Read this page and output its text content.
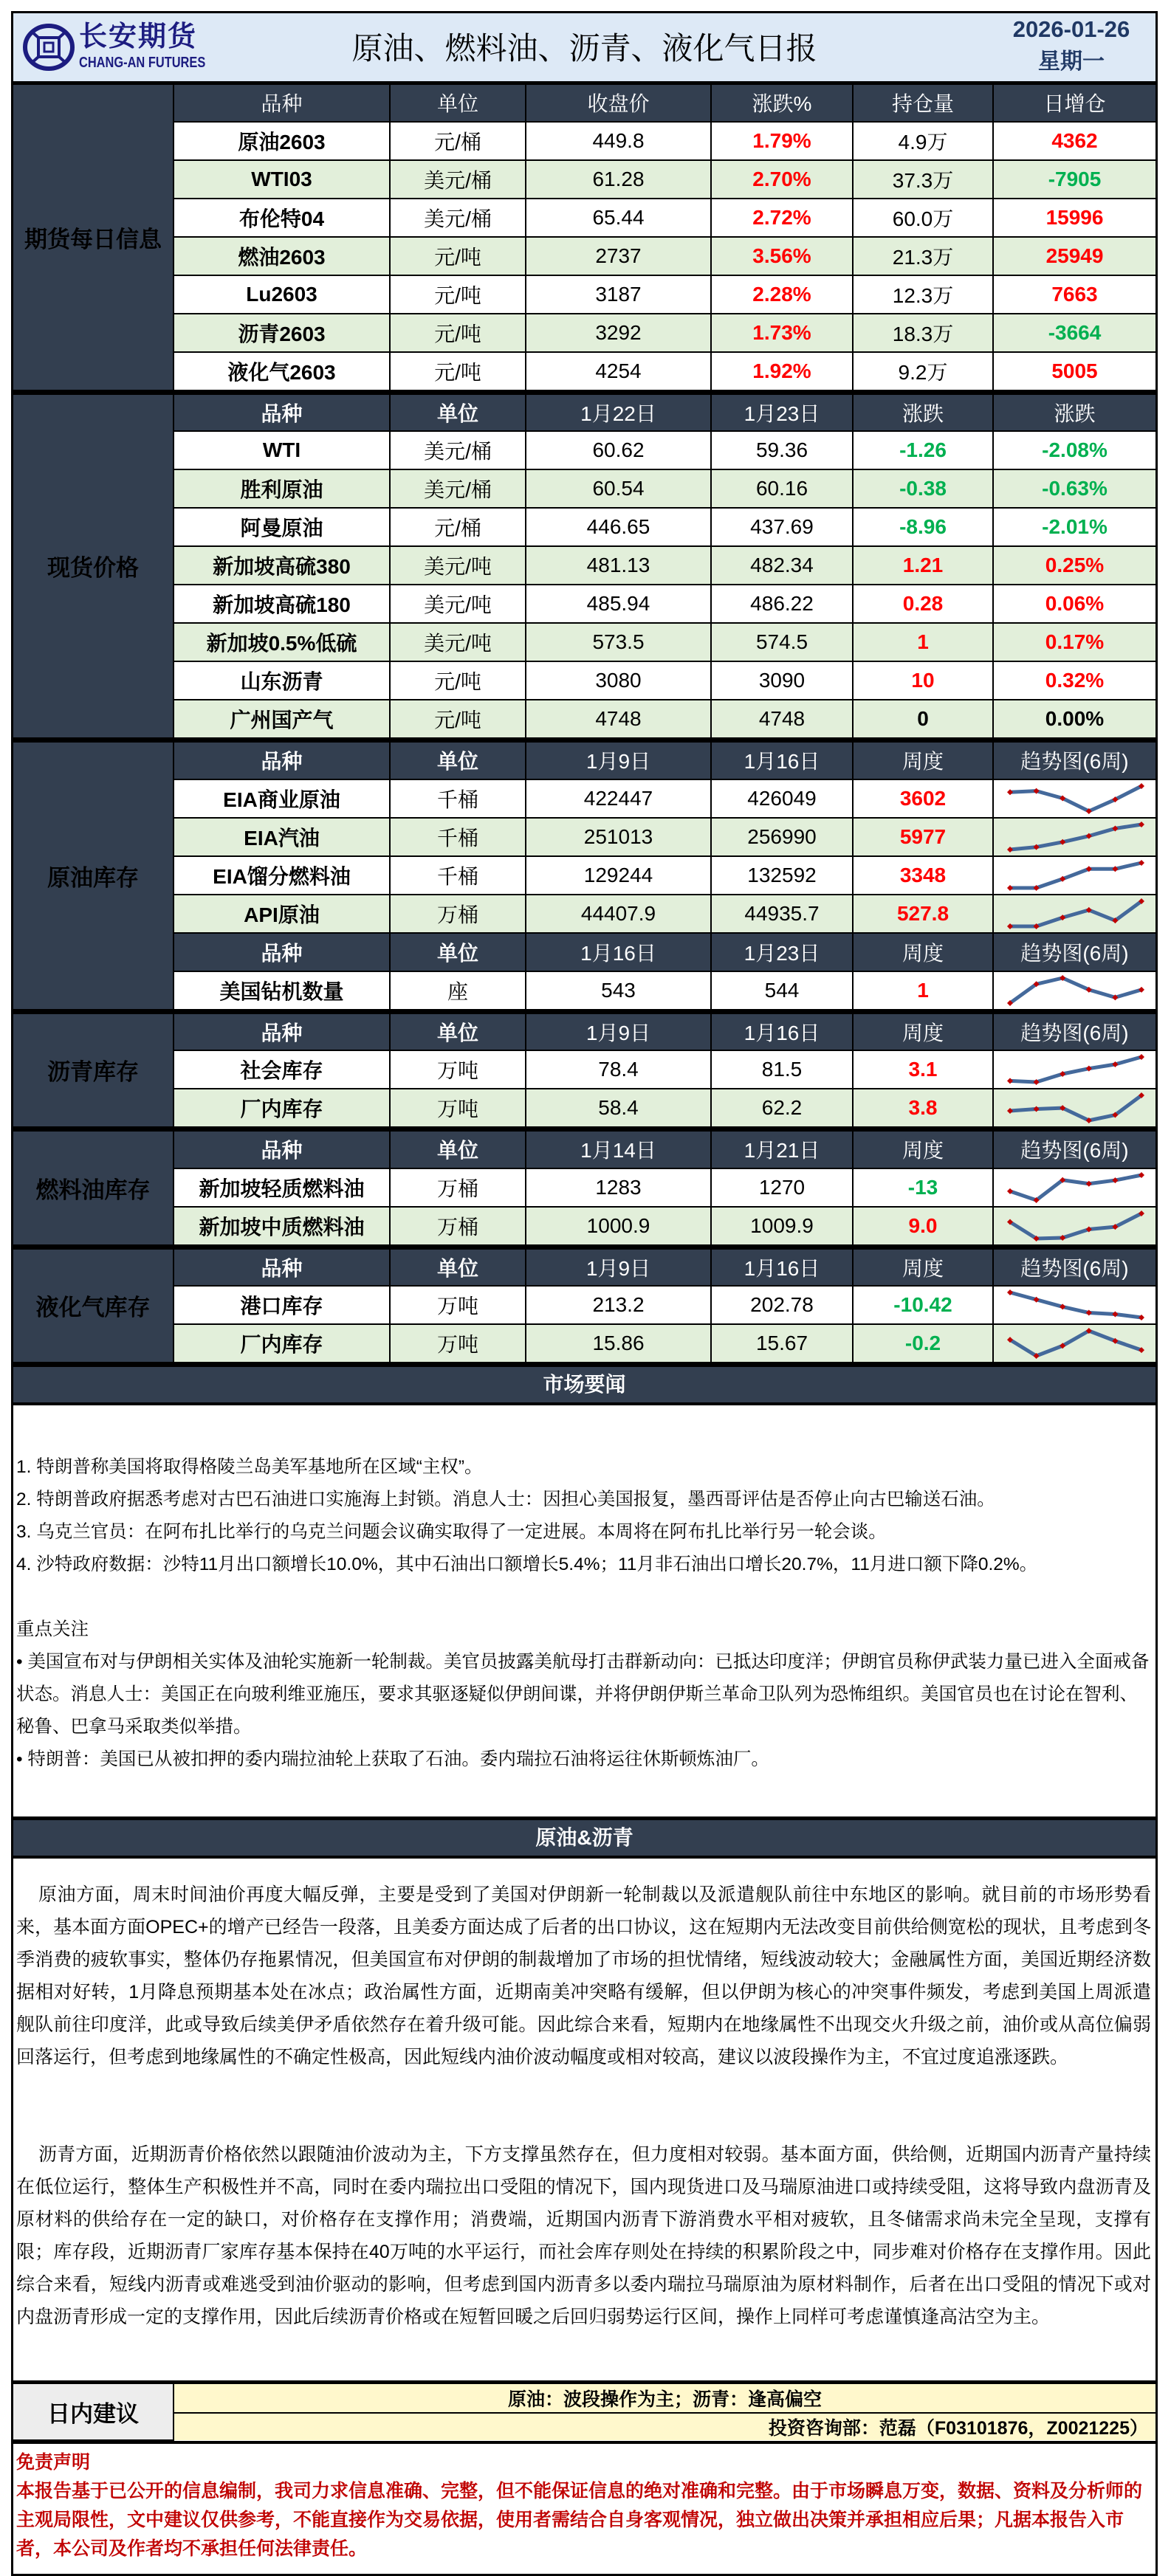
长安期货
CHANG-AN FUTURES	原油、燃料油、沥青、液化气日报
2026-01-26
星期一
期货每日信息	品种	单位	收盘价	涨跌%	持仓量	日增仓
	原油2603	元/桶	449.8	1.79%	4.9万	4362
	WTI03	美元/桶	61.28	2.70%	37.3万	-7905
	布伦特04	美元/桶	65.44	2.72%	60.0万	15996
	燃油2603	元/吨	2737	3.56%	21.3万	25949
	Lu2603	元/吨	3187	2.28%	12.3万	7663
	沥青2603	元/吨	3292	1.73%	18.3万	-3664
	液化气2603	元/吨	4254	1.92%	9.2万	5005
现货价格	品种	单位	1月22日	1月23日	涨跌	涨跌
	WTI	美元/桶	60.62	59.36	-1.26	-2.08%
	胜利原油	美元/桶	60.54	60.16	-0.38	-0.63%
	阿曼原油	元/桶	446.65	437.69	-8.96	-2.01%
	新加坡高硫380	美元/吨	481.13	482.34	1.21	0.25%
	新加坡高硫180	美元/吨	485.94	486.22	0.28	0.06%
	新加坡0.5%低硫	美元/吨	573.5	574.5	1	0.17%
	山东沥青	元/吨	3080	3090	10	0.32%
	广州国产气	元/吨	4748	4748	0	0.00%
原油库存	品种	单位	1月9日	1月16日	周度	趋势图(6周)
	EIA商业原油	千桶	422447	426049	3602	

	EIA汽油	千桶	251013	256990	5977	

	EIA馏分燃料油	千桶	129244	132592	3348	

	API原油	万桶	44407.9	44935.7	527.8	

	品种	单位	1月16日	1月23日	周度	趋势图(6周)
	美国钻机数量	座	543	544	1	
沥青库存	品种	单位	1月9日	1月16日	周度	趋势图(6周)
	社会库存	万吨	78.4	81.5	3.1	

	厂内库存	万吨	58.4	62.2	3.8	
燃料油库存	品种	单位	1月14日	1月21日	周度	趋势图(6周)
	新加坡轻质燃料油	万桶	1283	1270	-13	

	新加坡中质燃料油	万桶	1000.9	1009.9	9.0	
液化气库存	品种	单位	1月9日	1月16日	周度	趋势图(6周)
	港口库存	万吨	213.2	202.78	-10.42	

	厂内库存	万吨	15.86	15.67	-0.2	
市场要闻

1. 特朗普称美国将取得格陵兰岛美军基地所在区域“主权”。

2. 特朗普政府据悉考虑对古巴石油进口实施海上封锁。消息人士：因担心美国报复，墨西哥评估是否停止向古巴输送石油。

3. 乌克兰官员：在阿布扎比举行的乌克兰问题会议确实取得了一定进展。本周将在阿布扎比举行另一轮会谈。

4. 沙特政府数据：沙特11月出口额增长10.0%，其中石油出口额增长5.4%；11月非石油出口增长20.7%，11月进口额下降0.2%。

重点关注

• 美国宣布对与伊朗相关实体及油轮实施新一轮制裁。美官员披露美航母打击群新动向：已抵达印度洋；伊朗官员称伊武装力量已进入全面戒备状态。消息人士：美国正在向玻利维亚施压，要求其驱逐疑似伊朗间谍，并将伊朗伊斯兰革命卫队列为恐怖组织。美国官员也在讨论在智利、秘鲁、巴拿马采取类似举措。

• 特朗普：美国已从被扣押的委内瑞拉油轮上获取了石油。委内瑞拉石油将运往休斯顿炼油厂。

原油&沥青

原油方面，周末时间油价再度大幅反弹，主要是受到了美国对伊朗新一轮制裁以及派遣舰队前往中东地区的影响。就目前的市场形势看来，基本面方面OPEC+的增产已经告一段落，且美委方面达成了后者的出口协议，这在短期内无法改变目前供给侧宽松的现状，且考虑到冬季消费的疲软事实，整体仍存拖累情况，但美国宣布对伊朗的制裁增加了市场的担忧情绪，短线波动较大；金融属性方面，美国近期经济数据相对好转，1月降息预期基本处在冰点；政治属性方面，近期南美冲突略有缓解，但以伊朗为核心的冲突事件频发，考虑到美国上周派遣舰队前往印度洋，此或导致后续美伊矛盾依然存在着升级可能。因此综合来看，短期内在地缘属性不出现交火升级之前，油价或从高位偏弱回落运行，但考虑到地缘属性的不确定性极高，因此短线内油价波动幅度或相对较高，建议以波段操作为主，不宜过度追涨逐跌。

沥青方面，近期沥青价格依然以跟随油价波动为主，下方支撑虽然存在，但力度相对较弱。基本面方面，供给侧，近期国内沥青产量持续在低位运行，整体生产积极性并不高，同时在委内瑞拉出口受阻的情况下，国内现货进口及马瑞原油进口或持续受阻，这将导致内盘沥青及原材料的供给存在一定的缺口，对价格存在支撑作用；消费端，近期国内沥青下游消费水平相对疲软，且冬储需求尚未完全呈现，支撑有限；库存段，近期沥青厂家库存基本保持在40万吨的水平运行，而社会库存则处在持续的积累阶段之中，同步难对价格存在支撑作用。因此综合来看，短线内沥青或难逃受到油价驱动的影响，但考虑到国内沥青多以委内瑞拉马瑞原油为原材料制作，后者在出口受阻的情况下或对内盘沥青形成一定的支撑作用，因此后续沥青价格或在短暂回暖之后回归弱势运行区间，操作上同样可考虑谨慎逢高沽空为主。

日内建议	原油：波段操作为主；沥青：逢高偏空
投资咨询部：范磊（F03101876，Z0021225）

免责声明

本报告基于已公开的信息编制，我司力求信息准确、完整，但不能保证信息的绝对准确和完整。由于市场瞬息万变，数据、资料及分析师的主观局限性，文中建议仅供参考，不能直接作为交易依据，使用者需结合自身客观情况，独立做出决策并承担相应后果；凡据本报告入市者，本公司及作者均不承担任何法律责任。
